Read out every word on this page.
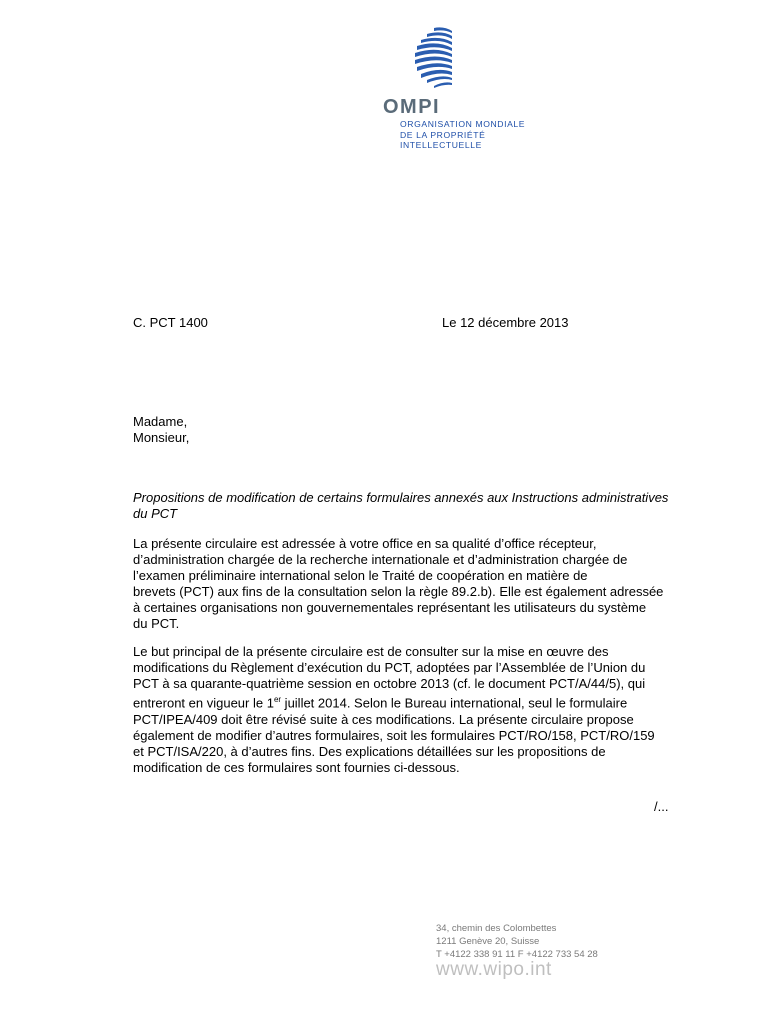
OMPI
ORGANISATION MONDIALE
DE LA PROPRIÉTÉ
INTELLECTUELLE
C. PCT 1400	Le 12 décembre 2013
Madame,
Monsieur,
Propositions de modification de certains formulaires annexés aux Instructions administratives
du PCT
La présente circulaire est adressée à votre office en sa qualité d’office récepteur,
d’administration chargée de la recherche internationale et d’administration chargée de
l’examen préliminaire international selon le Traité de coopération en matière de
brevets (PCT) aux fins de la consultation selon la règle 89.2.b). Elle est également adressée
à certaines organisations non gouvernementales représentant les utilisateurs du système
du PCT.
Le but principal de la présente circulaire est de consulter sur la mise en œuvre des
modifications du Règlement d’exécution du PCT, adoptées par l’Assemblée de l’Union du
PCT à sa quarante-quatrième session en octobre 2013 (cf. le document PCT/A/44/5), qui
entreront en vigueur le 1er juillet 2014. Selon le Bureau international, seul le formulaire
PCT/IPEA/409 doit être révisé suite à ces modifications. La présente circulaire propose
également de modifier d’autres formulaires, soit les formulaires PCT/RO/158, PCT/RO/159
et PCT/ISA/220, à d’autres fins. Des explications détaillées sur les propositions de
modification de ces formulaires sont fournies ci-dessous.
/...
34, chemin des Colombettes
1211 Genève 20, Suisse
T +4122 338 91 11 F +4122 733 54 28
www.wipo.int
